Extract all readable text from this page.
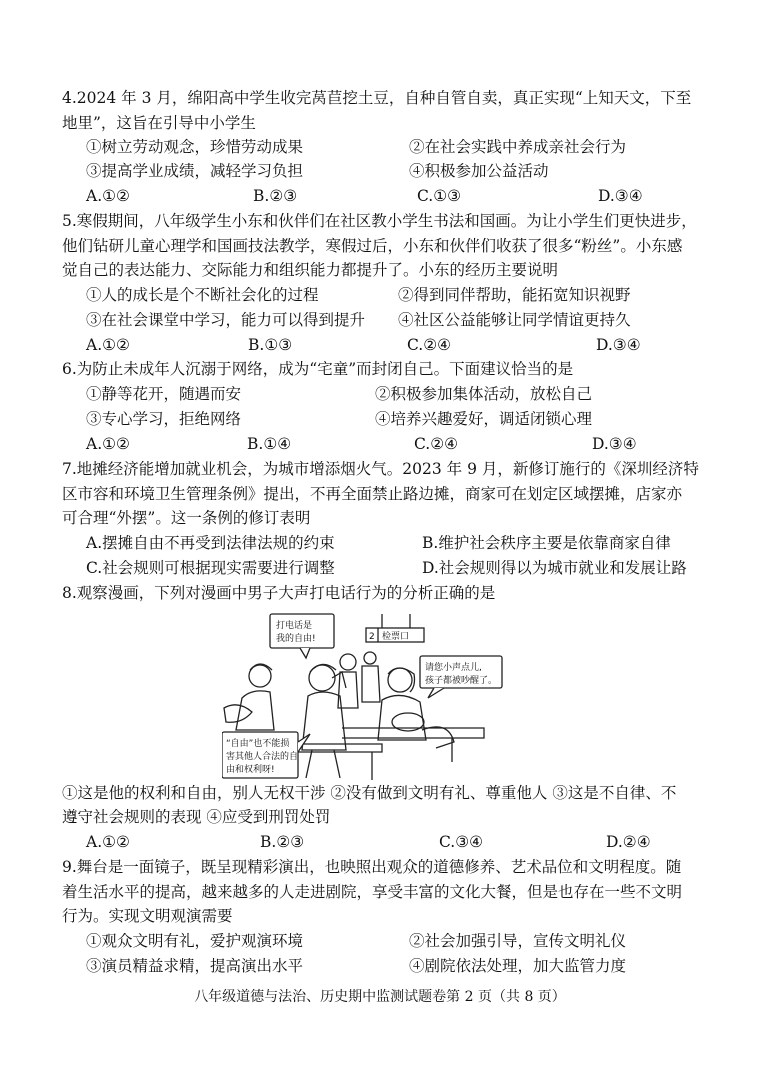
4.2024 年 3 月，绵阳高中学生收完莴苣挖土豆，自种自管自卖，真正实现“上知天文，下至
地里”，这旨在引导中小学生
①树立劳动观念，珍惜劳动成果	②在社会实践中养成亲社会行为
③提高学业成绩，减轻学习负担	④积极参加公益活动
A.①②	B.②③	C.①③	D.③④
5.寒假期间，八年级学生小东和伙伴们在社区教小学生书法和国画。为让小学生们更快进步，
他们钻研儿童心理学和国画技法教学，寒假过后，小东和伙伴们收获了很多“粉丝”。小东感
觉自己的表达能力、交际能力和组织能力都提升了。小东的经历主要说明
①人的成长是个不断社会化的过程	②得到同伴帮助，能拓宽知识视野
③在社会课堂中学习，能力可以得到提升 ④社区公益能够让同学情谊更持久
A.①②	B.①③	C.②④	D.③④
6.为防止未成年人沉溺于网络，成为“宅童”而封闭自己。下面建议恰当的是
①静等花开，随遇而安	②积极参加集体活动，放松自己
③专心学习，拒绝网络	④培养兴趣爱好，调适闭锁心理
A.①②	B.①④	C.②④	D.③④
7.地摊经济能增加就业机会，为城市增添烟火气。2023 年 9 月，新修订施行的《深圳经济特
区市容和环境卫生管理条例》提出，不再全面禁止路边摊，商家可在划定区域摆摊，店家亦
可合理“外摆”。这一条例的修订表明
A.摆摊自由不再受到法律法规的约束	B.维护社会秩序主要是依靠商家自律
C.社会规则可根据现实需要进行调整	D.社会规则得以为城市就业和发展让路
8.观察漫画，下列对漫画中男子大声打电话行为的分析正确的是
打电话是
我的自由!	2 检票口
请您小声点儿,
孩子都被吵醒了。
“自由”也不能损
害其他人合法的自
由和权利呀!
①这是他的权利和自由，别人无权干涉 ②没有做到文明有礼、尊重他人 ③这是不自律、不
遵守社会规则的表现 ④应受到刑罚处罚
A.①②	B.②③	C.③④	D.②④
9.舞台是一面镜子，既呈现精彩演出，也映照出观众的道德修养、艺术品位和文明程度。随
着生活水平的提高，越来越多的人走进剧院，享受丰富的文化大餐，但是也存在一些不文明
行为。实现文明观演需要
①观众文明有礼，爱护观演环境	②社会加强引导，宣传文明礼仪
③演员精益求精，提高演出水平	④剧院依法处理，加大监管力度
八年级道德与法治、历史期中监测试题卷第 2 页（共 8 页）
